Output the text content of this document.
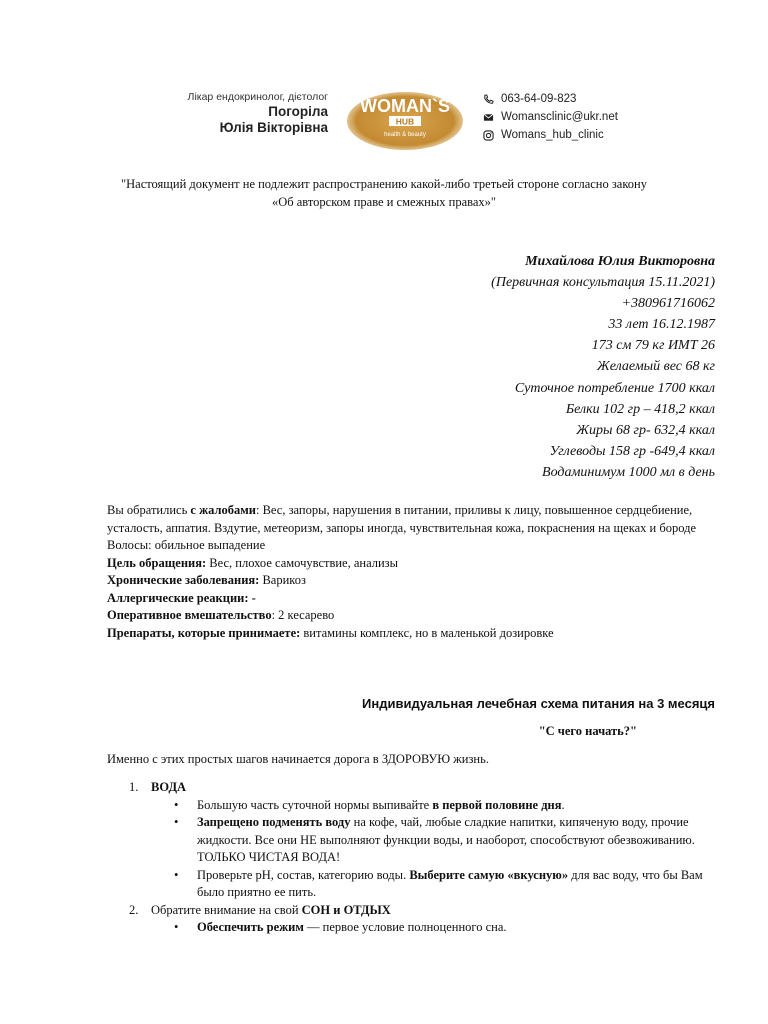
Лікар ендокринолог, дієтолог
Погоріла
Юлія Вікторівна
WOMAN`S
HUB
health & beauty
063-64-09-823
Womansclinic@ukr.net
Womans_hub_clinic
"Настоящий документ не подлежит распространению какой-либо третьей стороне согласно закону
«Об авторском праве и смежных правах»"
Михайлова Юлия Викторовна
(Первичная консультация 15.11.2021)
+380961716062
33 лет 16.12.1987
173 см 79 кг ИМТ 26
Желаемый вес 68 кг
Суточное потребление 1700 ккал
Белки 102 гр – 418,2 ккал
Жиры 68 гр- 632,4 ккал
Углеводы 158 гр -649,4 ккал
Водаминимум 1000 мл в день

Вы обратились с жалобами: Вес, запоры, нарушения в питании, приливы к лицу, повышенное сердцебиение, усталость, аппатия. Вздутие, метеоризм, запоры иногда, чувствительная кожа, покраснения на щеках и бороде

Волосы: обильное выпадение

Цель обращения: Вес, плохое самочувствие, анализы

Хронические заболевания: Варикоз

Аллергические реакции: -

Оперативное вмешательство: 2 кесарево

Препараты, которые принимаете: витамины комплекс, но в маленькой дозировке

Индивидуальная лечебная схема питания на 3 месяця
"С чего начать?"
Именно с этих простых шагов начинается дорога в ЗДОРОВУЮ жизнь.
1.	ВОДА
• Большую часть суточной нормы выпивайте в первой половине дня.
• Запрещено подменять воду на кофе, чай, любые сладкие напитки, кипяченую воду, прочие жидкости. Все они НЕ выполняют функции воды, и наоборот, способствуют обезвоживанию. ТОЛЬКО ЧИСТАЯ ВОДА!
• Проверьте pH, состав, категорию воды. Выберите самую «вкусную» для вас воду, что бы Вам было приятно ее пить.
2.	Обратите внимание на свой СОН и ОТДЫХ
• Обеспечить режим — первое условие полноценного сна.
